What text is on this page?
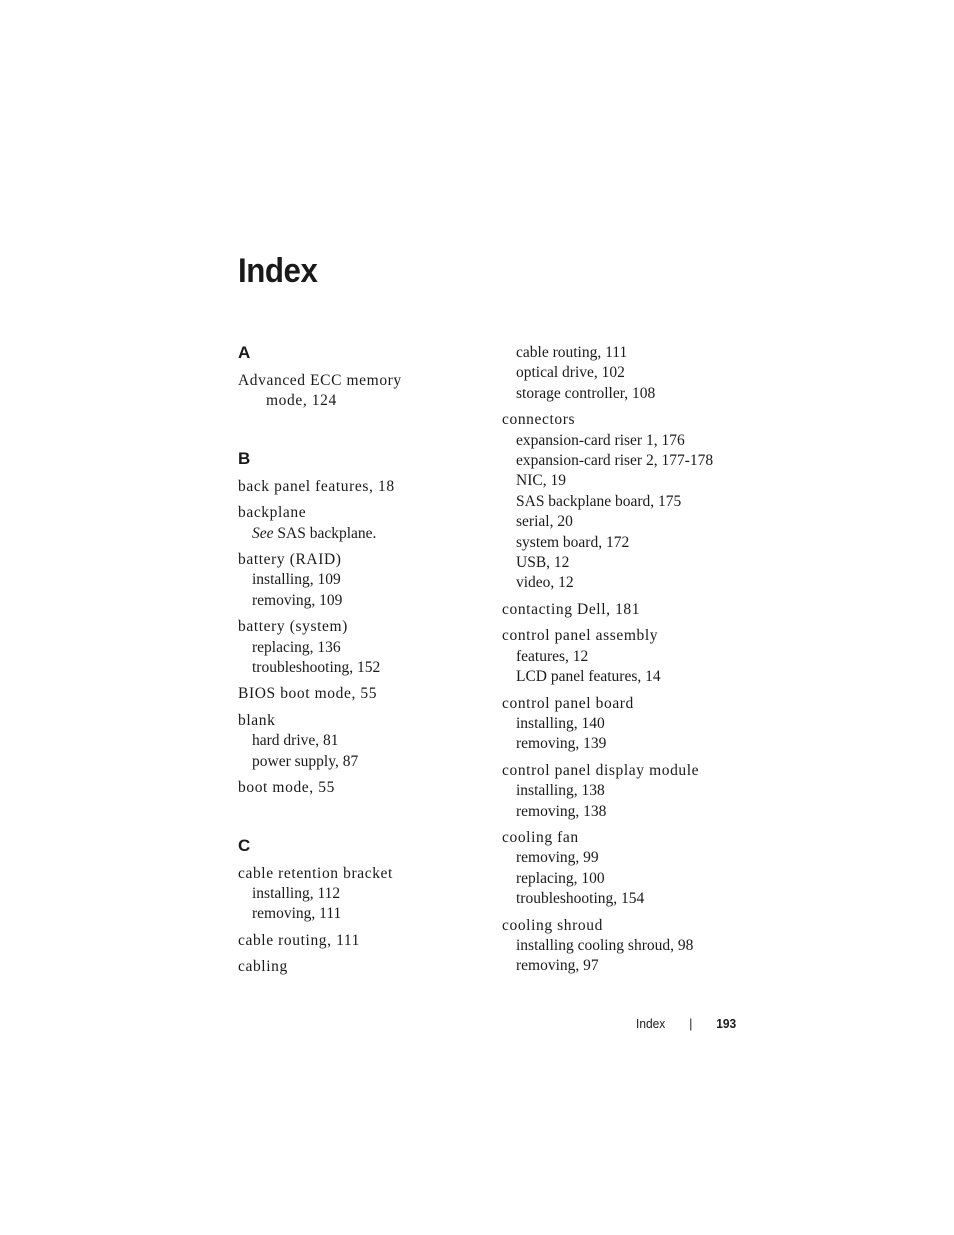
Index
A
Advanced ECC memory
mode, 124
B
back panel features, 18
backplane
See SAS backplane.
battery (RAID)
installing, 109
removing, 109
battery (system)
replacing, 136
troubleshooting, 152
BIOS boot mode, 55
blank
hard drive, 81
power supply, 87
boot mode, 55
C
cable retention bracket
installing, 112
removing, 111
cable routing, 111
cabling
cable routing, 111
optical drive, 102
storage controller, 108
connectors
expansion-card riser 1, 176
expansion-card riser 2, 177-178
NIC, 19
SAS backplane board, 175
serial, 20
system board, 172
USB, 12
video, 12
contacting Dell, 181
control panel assembly
features, 12
LCD panel features, 14
control panel board
installing, 140
removing, 139
control panel display module
installing, 138
removing, 138
cooling fan
removing, 99
replacing, 100
troubleshooting, 154
cooling shroud
installing cooling shroud, 98
removing, 97
Index | 193
